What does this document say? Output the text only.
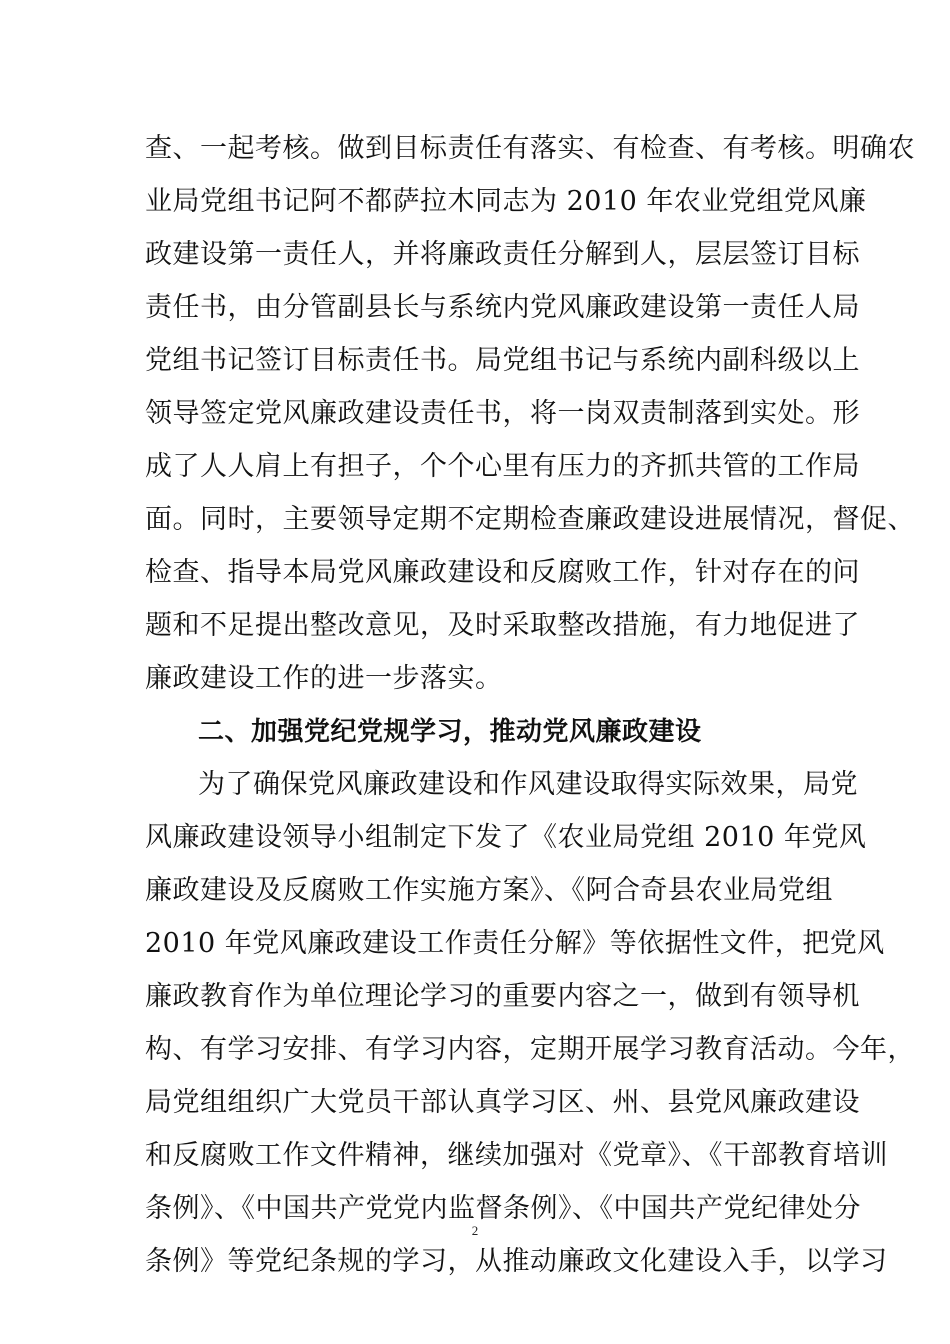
查、一起考核。做到目标责任有落实、有检查、有考核。明确农
业局党组书记阿不都萨拉木同志为 2010 年农业党组党风廉
政建设第一责任人，并将廉政责任分解到人，层层签订目标
责任书，由分管副县长与系统内党风廉政建设第一责任人局
党组书记签订目标责任书。局党组书记与系统内副科级以上
领导签定党风廉政建设责任书，将一岗双责制落到实处。形
成了人人肩上有担子，个个心里有压力的齐抓共管的工作局
面。同时，主要领导定期不定期检查廉政建设进展情况，督促、
检查、指导本局党风廉政建设和反腐败工作，针对存在的问
题和不足提出整改意见，及时采取整改措施，有力地促进了
廉政建设工作的进一步落实。
二、加强党纪党规学习，推动党风廉政建设
为了确保党风廉政建设和作风建设取得实际效果，局党
风廉政建设领导小组制定下发了《农业局党组 2010 年党风
廉政建设及反腐败工作实施方案》、《阿合奇县农业局党组
2010 年党风廉政建设工作责任分解》等依据性文件，把党风
廉政教育作为单位理论学习的重要内容之一，做到有领导机
构、有学习安排、有学习内容，定期开展学习教育活动。今年，
局党组组织广大党员干部认真学习区、州、县党风廉政建设
和反腐败工作文件精神，继续加强对《党章》、《干部教育培训
条例》、《中国共产党党内监督条例》、《中国共产党纪律处分
条例》等党纪条规的学习，从推动廉政文化建设入手，以学习
2
